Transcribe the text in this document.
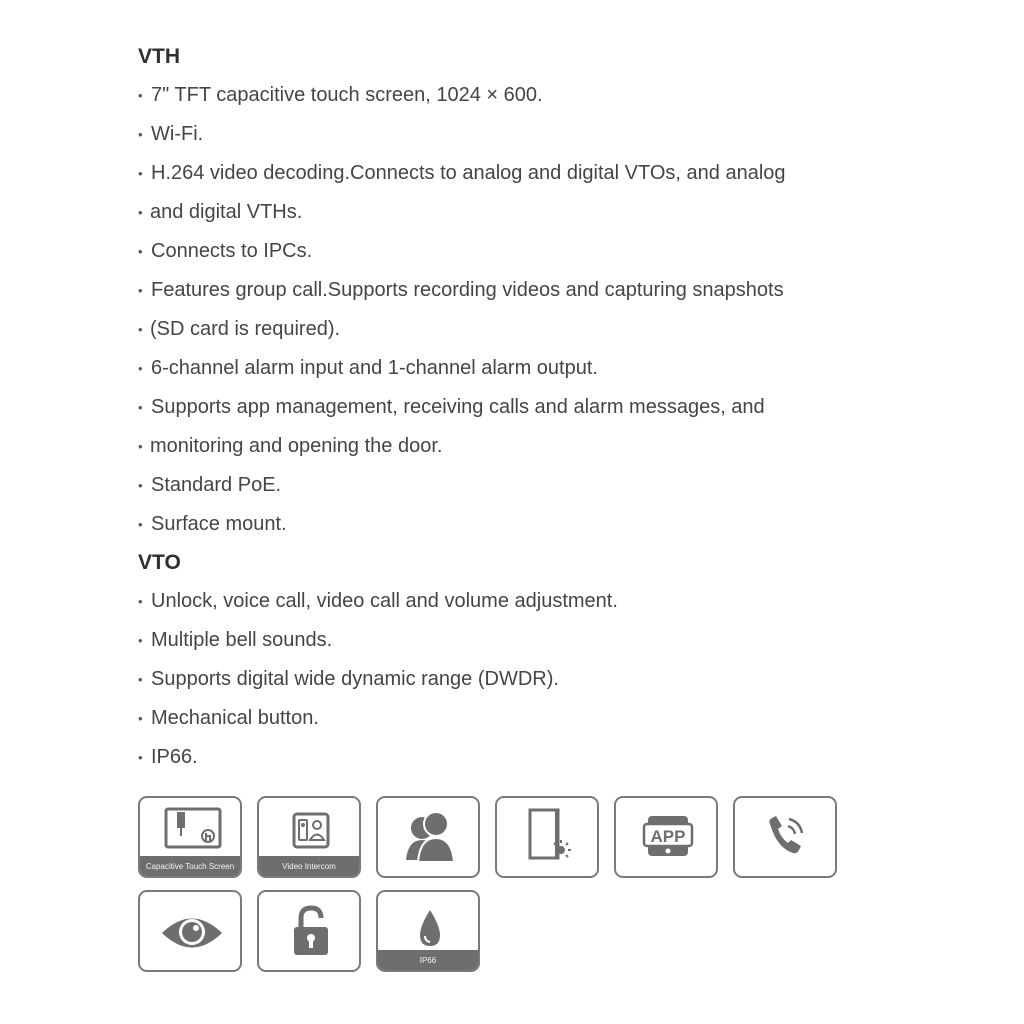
VTH
• 7" TFT capacitive touch screen, 1024 × 600.
• Wi-Fi.
• H.264 video decoding.Connects to analog and digital VTOs, and analog
• and digital VTHs.
• Connects to IPCs.
• Features group call.Supports recording videos and capturing snapshots
• (SD card is required).
• 6-channel alarm input and 1-channel alarm output.
• Supports app management, receiving calls and alarm messages, and
• monitoring and opening the door.
• Standard PoE.
• Surface mount.
VTO
• Unlock, voice call, video call and volume adjustment.
• Multiple bell sounds.
• Supports digital wide dynamic range (DWDR).
• Mechanical button.
• IP66.
Capacitive Touch Screen	Video Intercom
APP
IP66
